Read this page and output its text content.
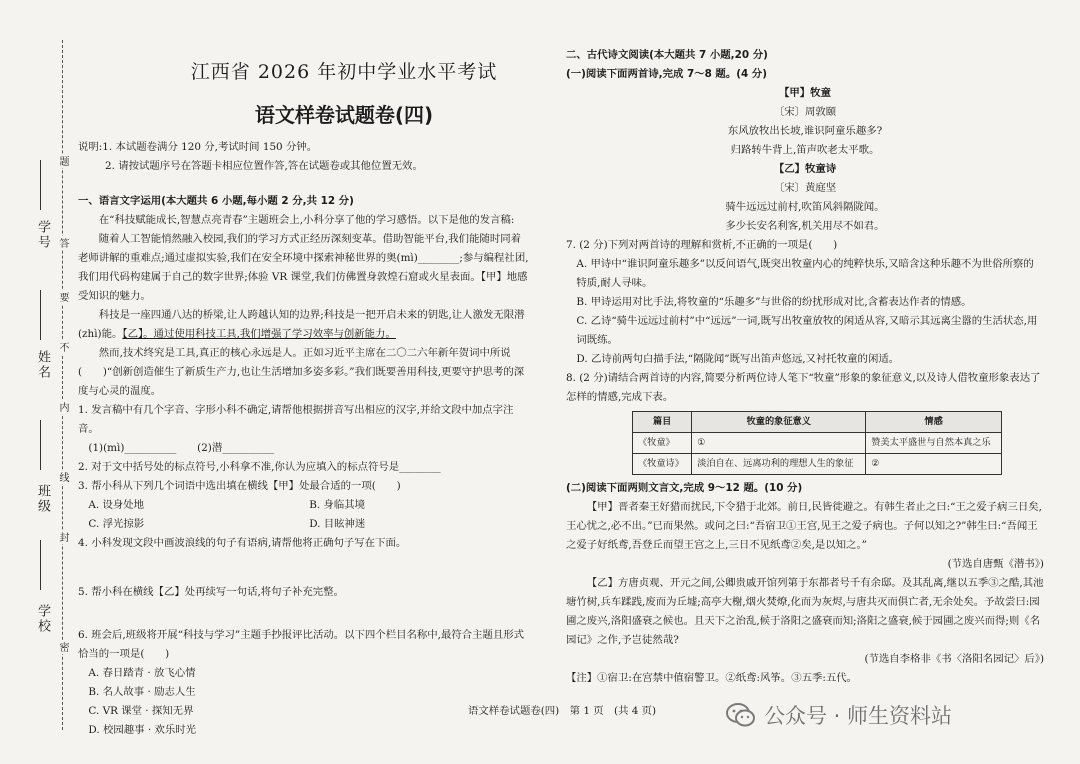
题
答
要
不
内
线
封
密
学号
姓名
班级
学校
江西省 2026 年初中学业水平考试
语文样卷试题卷(四)

说明:1. 本试题卷满分 120 分,考试时间 150 分钟。

2. 请按试题序号在答题卡相应位置作答,答在试题卷或其他位置无效。

一、语言文字运用(本大题共 6 小题,每小题 2 分,共 12 分)

在“科技赋能成长,智慧点亮青春”主题班会上,小科分享了他的学习感悟。以下是他的发言稿:

随着人工智能悄然融入校园,我们的学习方式正经历深刻变革。借助智能平台,我们能随时同着老师讲解的重难点;通过虚拟实验,我们在安全环境中探索神秘世界的奥(mì)________;参与编程社团,我们用代码构建属于自己的数字世界;体验 VR 课堂,我们仿佛置身敦煌石窟或火星表面。【甲】地感受知识的魅力。

科技是一座四通八达的桥梁,让人跨越认知的边界;科技是一把开启未来的钥匙,让人激发无限潜(zhì)能。【乙】。通过使用科技工具,我们增强了学习效率与创新能力。

然而,技术终究是工具,真正的核心永远是人。正如习近平主席在二〇二六年新年贺词中所说(　　)“创新创造催生了新质生产力,也让生活增加多姿多彩。”我们既要善用科技,更要守护思考的深度与心灵的温度。

1. 发言稿中有几个字音、字形小科不确定,请帮他根据拼音写出相应的汉字,并给文段中加点字注音。

(1)(mì)__________　　 (2)潜__________

2. 对于文中括号处的标点符号,小科拿不准,你认为应填入的标点符号是________

3. 帮小科从下列几个词语中选出填在横线【甲】处最合适的一项(　　)

A. 设身处地	B. 身临其境
C. 浮光掠影	D. 目眩神迷

4. 小科发现文段中画波浪线的句子有语病,请帮他将正确句子写在下面。

5. 帮小科在横线【乙】处再续写一句话,将句子补充完整。

6. 班会后,班级将开展“科技与学习”主题手抄报评比活动。以下四个栏目名称中,最符合主题且形式恰当的一项是(　　)

A. 春日踏青 · 放飞心情

B. 名人故事 · 励志人生

C. VR 课堂 · 探知无界

D. 校园趣事 · 欢乐时光

二、古代诗文阅读(本大题共 7 小题,20 分)

(一)阅读下面两首诗,完成 7～8 题。(4 分)

【甲】牧童
〔宋〕周敦颐
东风放牧出长坡,谁识阿童乐趣多?
归路转牛背上,笛声吹老太平歌。
【乙】牧童诗
〔宋〕黄庭坚
骑牛远远过前村,吹笛风斜隔陇闻。
多少长安名利客,机关用尽不如君。

7. (2 分)下列对两首诗的理解和赏析,不正确的一项是(　　)

A. 甲诗中“谁识阿童乐趣多”以反问语气,既突出牧童内心的纯粹快乐,又暗含这种乐趣不为世俗所察的特质,耐人寻味。

B. 甲诗运用对比手法,将牧童的“乐趣多”与世俗的纷扰形成对比,含蓄表达作者的情感。

C. 乙诗“骑牛远远过前村”中“远远”一词,既写出牧童放牧的闲适从容,又暗示其远离尘嚣的生活状态,用词既练。

D. 乙诗前两句白描手法,“隔陇闻”既写出笛声悠远,又衬托牧童的闲适。

8. (2 分)请结合两首诗的内容,简要分析两位诗人笔下“牧童”形象的象征意义,以及诗人借牧童形象表达了怎样的情感,完成下表。

篇目	牧童的象征意义	情感
《牧童》	①	赞美太平盛世与自然本真之乐
《牧童诗》	淡泊自在、远离功利的理想人生的象征	②

(二)阅读下面两则文言文,完成 9～12 题。(10 分)

【甲】晋者秦王好猎而扰民,下令猎于北郊。前日,民皆徙避之。有韩生者止之曰:“王之爱子病三日矣,王心忧之,必不出。”已而果然。或问之曰:“吾宿卫①王宫,见王之爱子病也。子何以知之?”韩生曰:“吾闻王之爱子好纸鸢,吾登丘而望王宫之上,三日不见纸鸢②矣,是以知之。”

(节选自唐甄《潜书》)

【乙】方唐贞观、开元之间,公卿贵戚开馆列第于东都者号千有余邸。及其乱离,继以五季③之酷,其池塘竹树,兵车蹂践,废而为丘墟;高亭大榭,烟火焚燎,化而为灰烬,与唐共灭而俱亡者,无余处矣。予故尝曰:园圃之废兴,洛阳盛衰之候也。且天下之治乱,候于洛阳之盛衰而知;洛阳之盛衰,候于园圃之废兴而得;则《名园记》之作,予岂徒然哉?

(节选自李格非《书〈洛阳名园记〉后》)

【注】①宿卫:在宫禁中值宿警卫。②纸鸢:风筝。③五季:五代。

语文样卷试题卷(四)　第 1 页　(共 4 页)	公众号 · 师生资料站
